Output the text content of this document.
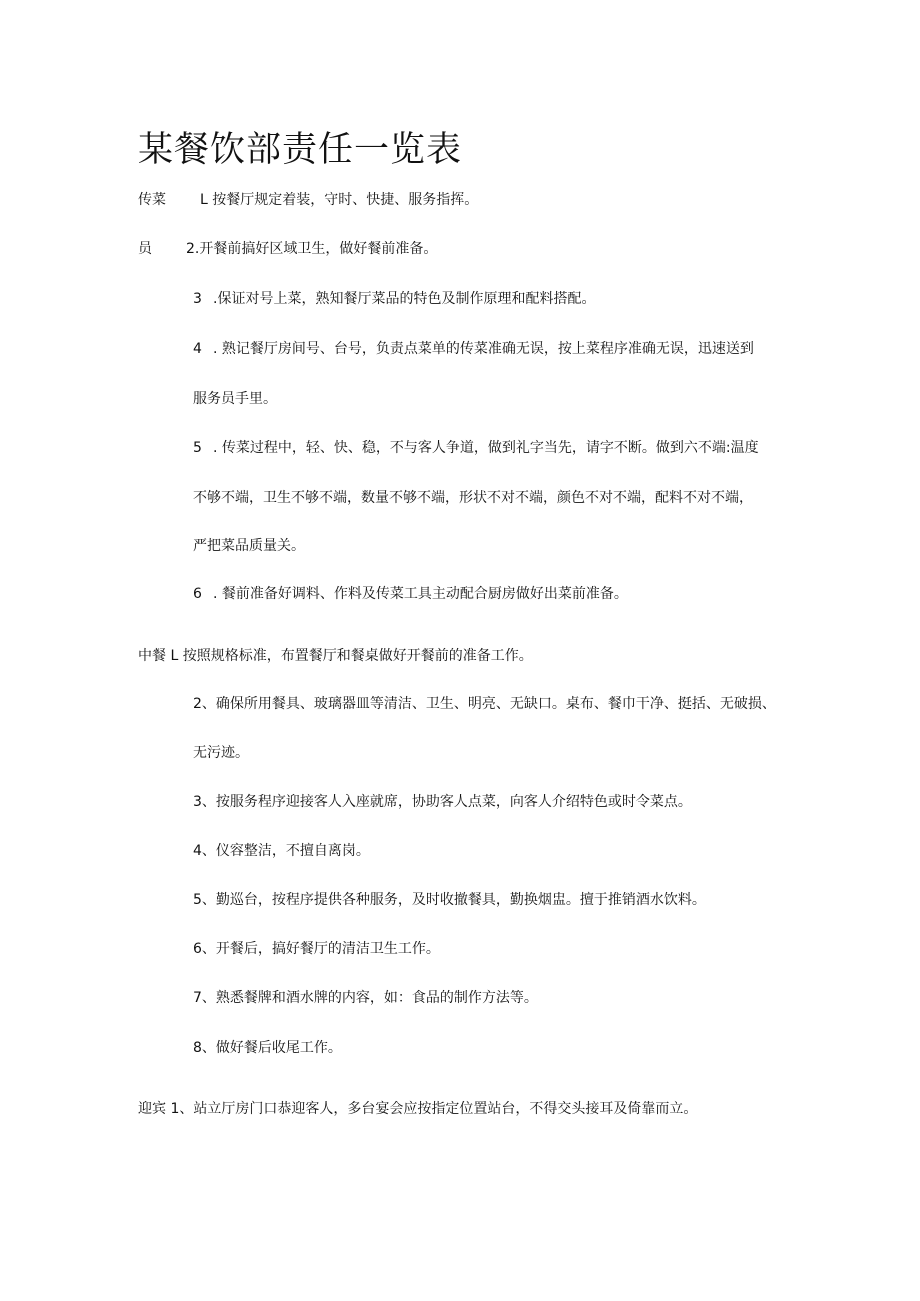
某餐饮部责任一览表
传菜 L 按餐厅规定着装，守时、快捷、服务指挥。
员 2.开餐前搞好区域卫生，做好餐前准备。
3 .保证对号上菜，熟知餐厅菜品的特色及制作原理和配料搭配。
4 . 熟记餐厅房间号、台号，负责点菜单的传菜准确无误，按上菜程序准确无误，迅速送到
服务员手里。
5 . 传菜过程中，轻、快、稳，不与客人争道，做到礼字当先，请字不断。做到六不端:温度
不够不端，卫生不够不端，数量不够不端，形状不对不端，颜色不对不端，配料不对不端，
严把菜品质量关。
6 . 餐前准备好调料、作料及传菜工具主动配合厨房做好出菜前准备。
中餐 L 按照规格标准，布置餐厅和餐桌做好开餐前的准备工作。
2、确保所用餐具、玻璃器皿等清洁、卫生、明亮、无缺口。桌布、餐巾干净、挺括、无破损、
无污迹。
3、按服务程序迎接客人入座就席，协助客人点菜，向客人介绍特色或时令菜点。
4、仪容整洁，不擅自离岗。
5、勤巡台，按程序提供各种服务，及时收撤餐具，勤换烟盅。擅于推销酒水饮料。
6、开餐后，搞好餐厅的清洁卫生工作。
7、熟悉餐牌和酒水牌的内容，如：食品的制作方法等。
8、做好餐后收尾工作。
迎宾 1、站立厅房门口恭迎客人，多台宴会应按指定位置站台，不得交头接耳及倚靠而立。
